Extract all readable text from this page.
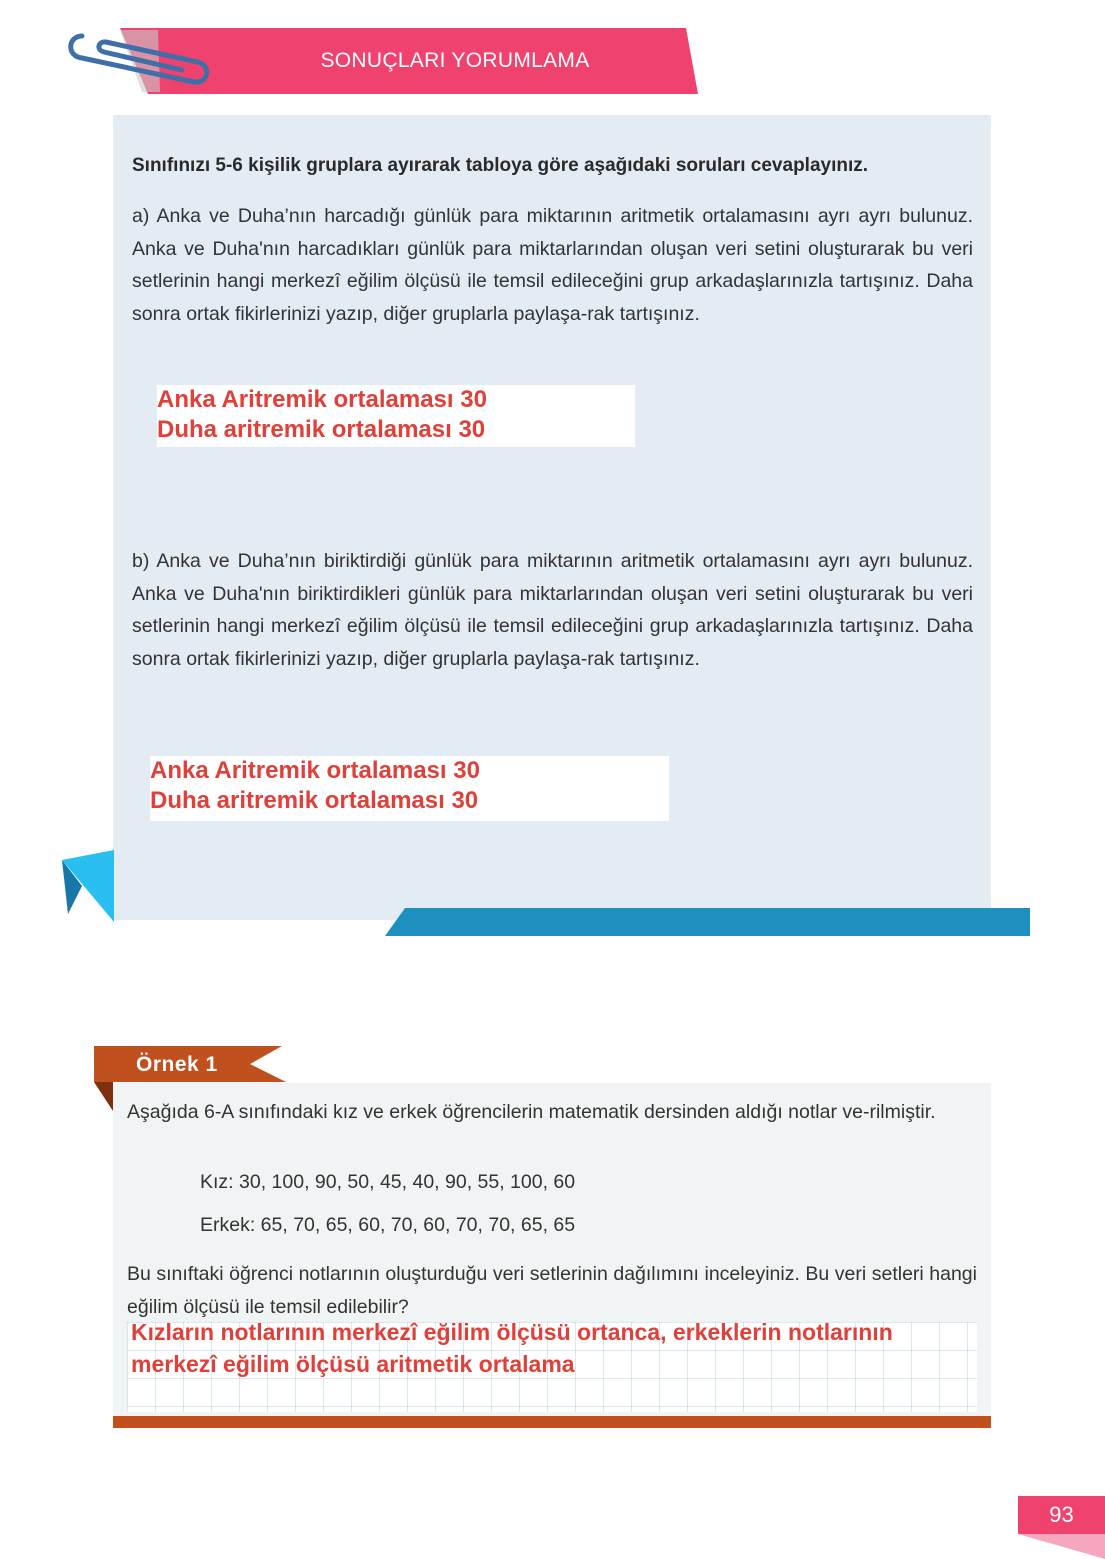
SONUÇLARI YORUMLAMA
Sınıfınızı 5-6 kişilik gruplara ayırarak tabloya göre aşağıdaki soruları cevaplayınız.
a) Anka ve Duha’nın harcadığı günlük para miktarının aritmetik ortalamasını ayrı ayrı bulunuz. Anka ve Duha'nın harcadıkları günlük para miktarlarından oluşan veri setini oluşturarak bu veri setlerinin hangi merkezî eğilim ölçüsü ile temsil edileceğini grup arkadaşlarınızla tartışınız. Daha sonra ortak fikirlerinizi yazıp, diğer gruplarla paylaşa-rak tartışınız.
Anka Aritremik ortalaması 30
Duha aritremik ortalaması 30
b) Anka ve Duha’nın biriktirdiği günlük para miktarının aritmetik ortalamasını ayrı ayrı bulunuz. Anka ve Duha'nın biriktirdikleri günlük para miktarlarından oluşan veri setini oluşturarak bu veri setlerinin hangi merkezî eğilim ölçüsü ile temsil edileceğini grup arkadaşlarınızla tartışınız. Daha sonra ortak fikirlerinizi yazıp, diğer gruplarla paylaşa-rak tartışınız.
Anka Aritremik ortalaması 30
Duha aritremik ortalaması 30
Örnek 1
Aşağıda 6-A sınıfındaki kız ve erkek öğrencilerin matematik dersinden aldığı notlar ve-rilmiştir.
Kız: 30, 100, 90, 50, 45, 40, 90, 55, 100, 60
Erkek: 65, 70, 65, 60, 70, 60, 70, 70, 65, 65
Bu sınıftaki öğrenci notlarının oluşturduğu veri setlerinin dağılımını inceleyiniz. Bu veri setleri hangi eğilim ölçüsü ile temsil edilebilir?
Kızların notlarının merkezî eğilim ölçüsü ortanca, erkeklerin notlarının merkezî eğilim ölçüsü aritmetik ortalama
93
